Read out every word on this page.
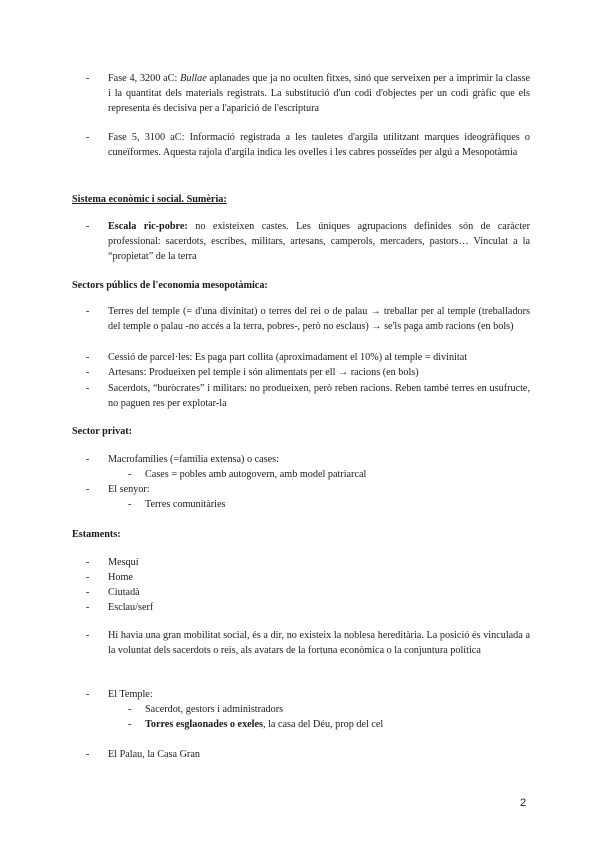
-	Fase 4, 3200 aC: Bullae aplanades que ja no oculten fitxes, sinó que serveixen per a imprimir la classe i la quantitat dels materials registrats. La substitució d'un codi d'objectes per un codi gràfic que els representa és decisiva per a l'aparició de l'escriptura
-	Fase 5, 3100 aC: Informació registrada a les tauletes d'argila utilitzant marques ideogràfiques o cuneïformes. Aquesta rajola d'argila indica les ovelles i les cabres posseïdes per algú a Mesopotàmia
Sistema econòmic i social. Sumèria:
-	Escala ric-pobre: no existeixen castes. Les úniques agrupacions definides són de caràcter professional: sacerdots, escribes, militars, artesans, camperols, mercaders, pastors… Vinculat a la “propietat” de la terra
Sectors públics de l'economia mesopotàmica:
-	Terres del temple (= d'una divinitat) o terres del rei o de palau → treballar per al temple (treballadors del temple o palau -no accés a la terra, pobres-, però no esclaus) → se'ls paga amb racions (en bols)
-	Cessió de parcel·les: Es paga part collita (aproximadament el 10%) al temple = divinitat
-	Artesans: Produeixen pel temple i són alimentats per ell → racions (en bols)
-	Sacerdots, “buròcrates” i militars: no produeixen, però reben racions. Reben també terres en usufructe, no paguen res per explotar-la
Sector privat:
-	Macrofamílies (=família extensa) o cases:
-	Cases = pobles amb autogovern, amb model patriarcal
-	El senyor:
-	Terres comunitàries
Estaments:
-	Mesquí
-	Home
-	Ciutadà
-	Esclau/serf
-	Hi havia una gran mobilitat social, és a dir, no existeix la noblesa hereditària. La posició és vinculada a la voluntat dels sacerdots o reis, als avatars de la fortuna econòmica o la conjuntura política
-	El Temple:
-	Sacerdot, gestors i administradors
-	Torres esglaonades o exeles, la casa del Déu, prop del cel
-	El Palau, la Casa Gran
2
